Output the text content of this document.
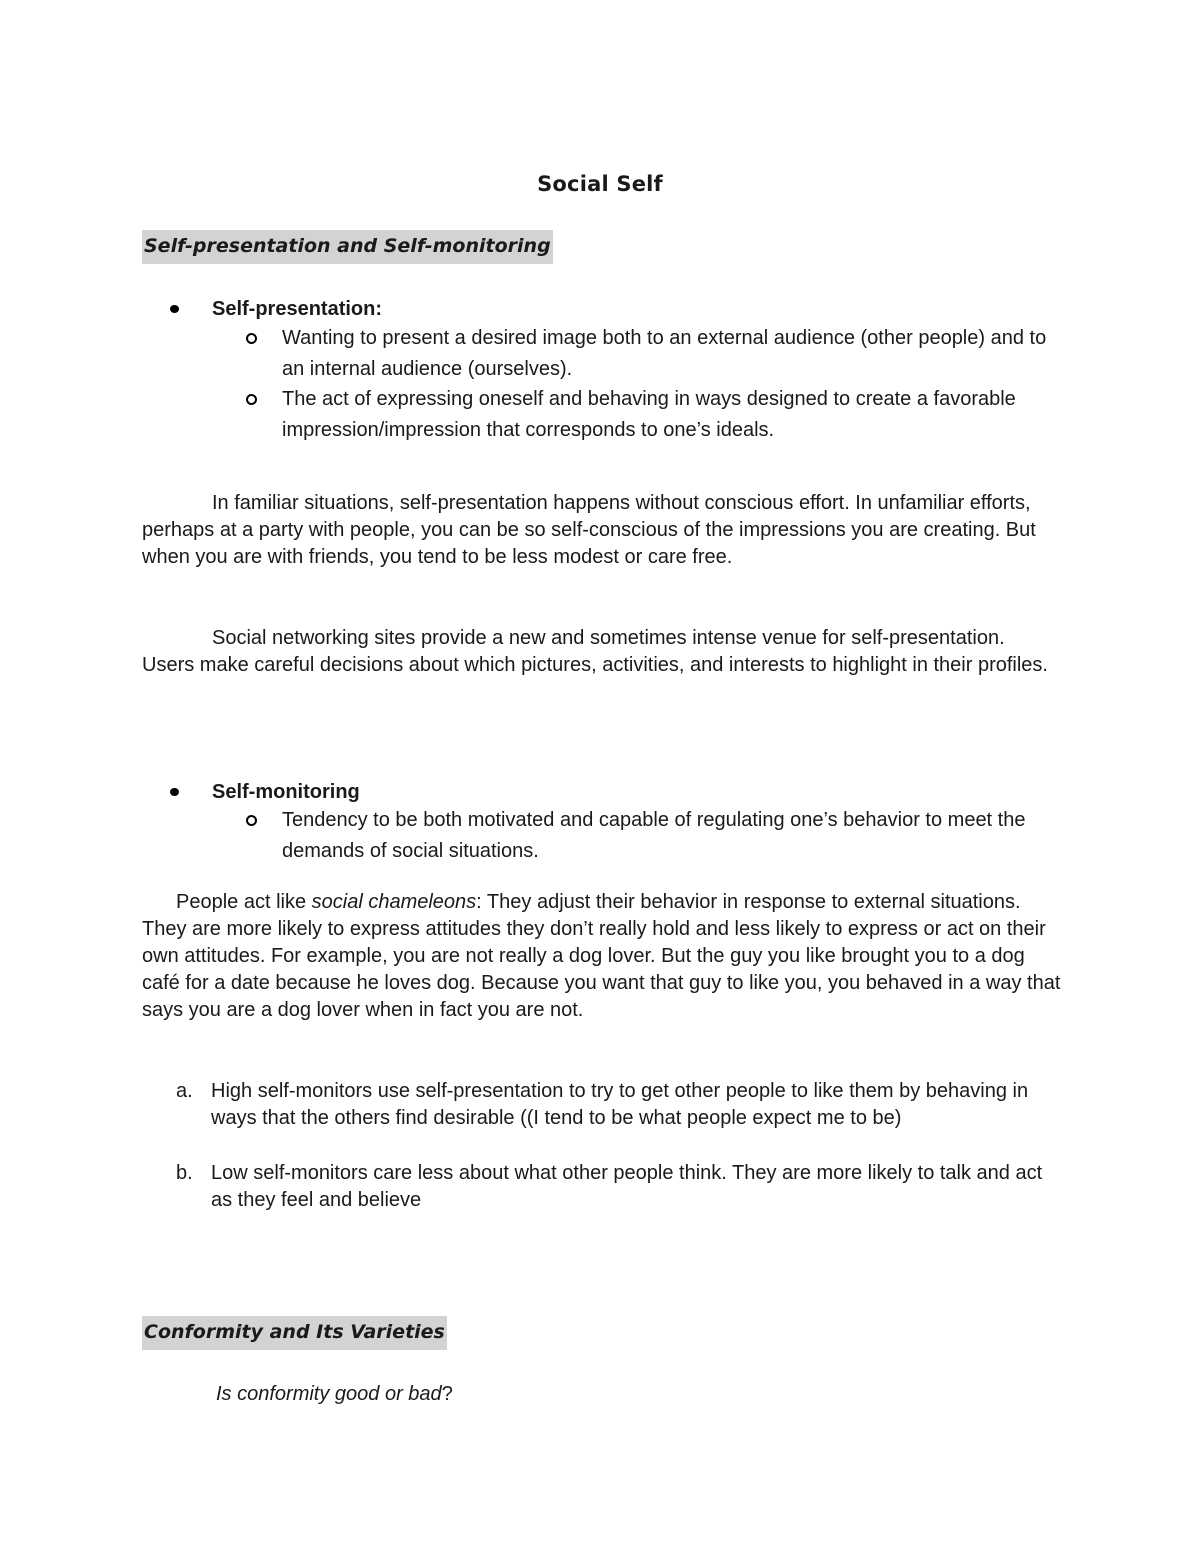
Social Self
Self-presentation and Self-monitoring
Self-presentation:
Wanting to present a desired image both to an external audience (other people) and to an internal audience (ourselves).
The act of expressing oneself and behaving in ways designed to create a favorable impression/impression that corresponds to one’s ideals.
In familiar situations, self-presentation happens without conscious effort. In unfamiliar efforts, perhaps at a party with people, you can be so self-conscious of the impressions you are creating. But when you are with friends, you tend to be less modest or care free.
Social networking sites provide a new and sometimes intense venue for self-presentation. Users make careful decisions about which pictures, activities, and interests to highlight in their profiles.
Self-monitoring
Tendency to be both motivated and capable of regulating one’s behavior to meet the demands of social situations.
People act like social chameleons: They adjust their behavior in response to external situations. They are more likely to express attitudes they don’t really hold and less likely to express or act on their own attitudes. For example, you are not really a dog lover. But the guy you like brought you to a dog café for a date because he loves dog. Because you want that guy to like you, you behaved in a way that says you are a dog lover when in fact you are not.
a. High self-monitors use self-presentation to try to get other people to like them by behaving in ways that the others find desirable ((I tend to be what people expect me to be)
b. Low self-monitors care less about what other people think. They are more likely to talk and act as they feel and believe
Conformity and Its Varieties
Is conformity good or bad?
